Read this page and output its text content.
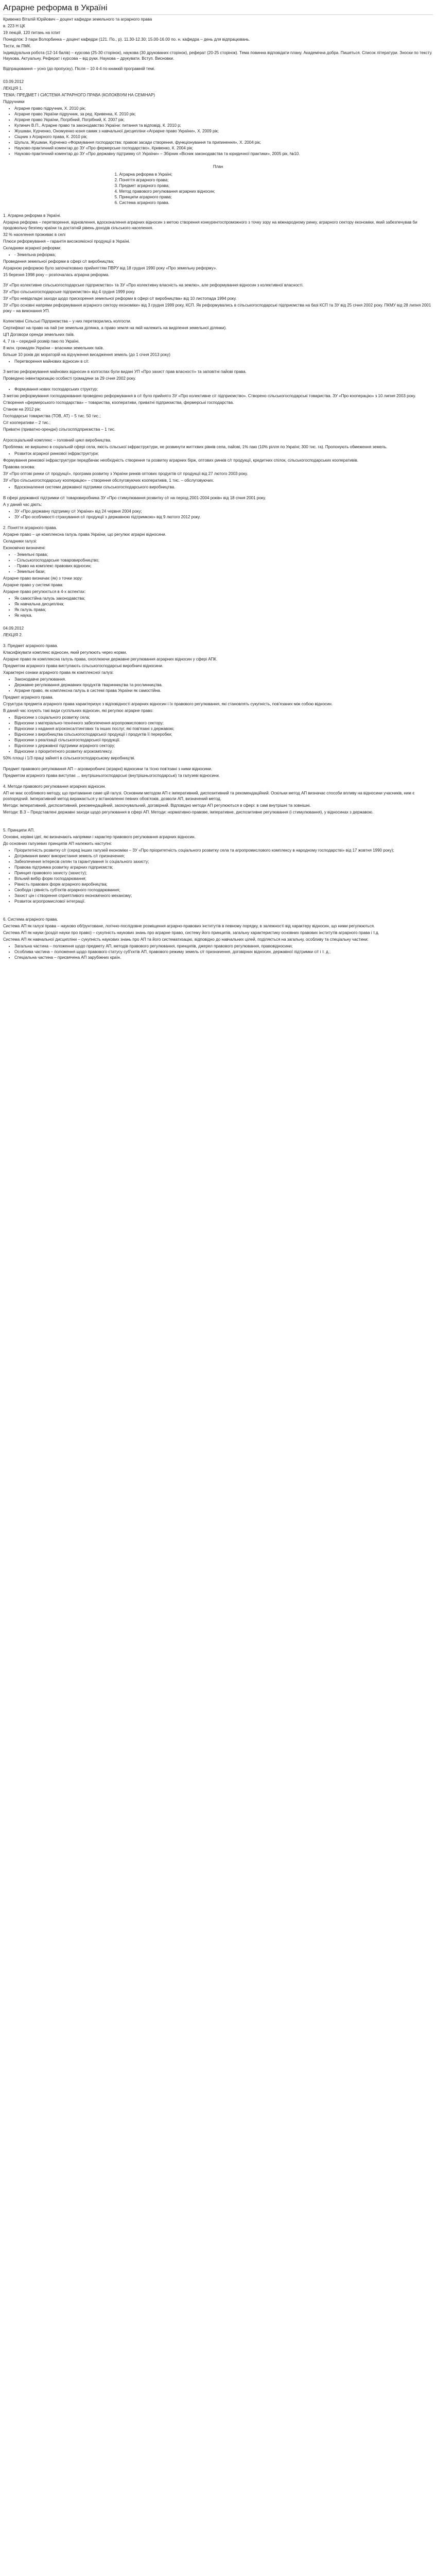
Аграрне реформа в Україні

Кривенко Віталій Юрійович – доцент кафедри земельного та аграрного права

в. 223 Н ЦК

19 лекцій, 120 питань на іспит

Понеділок: 3 пари Волорбинка – доцент кафедри (121. По., р). 11.30-12.30; 15.00-16.00 по. н. кафедра – день для відпрацювань.

Тести, як ПМК.

Індивідуальна робота (12-14 балів) – курсова (25-30 сторінок), наукова (30 друкованих сторінок), реферат (20-25 сторінок). Тема повинна відповідати плану. Академічна добра. Пишеться. Список літератури. Зноски по тексту. Наукова. Актуальну. Реферат і курсова – від руки. Наукова – друкувати. Вступ. Висновки.

Відпрацювання – усно (до пропуску). Після – 10 4-4 по книжкій програмній темі.

03.09.2012

ЛЕКЦІЯ 1.

ТЕМА: ПРЕДМЕТ І СИСТЕМА АГРАРНОГО ПРАВА (КОЛОКВІУМ НА СЕМІНАР)

Підручники

• Аграрне право підручник, Х. 2010 рік;
• Аграрне право України підручник, за ред. Кривенка, К. 2010 рік;
• Аграрне право України, Погрібний, Погрібний, К. 2007 рік;
• Кулинич В.П., Аграрне право та законодавство України: питання та відповіді, К. 2010 р;
• Жушман, Курченко, Ономуенко юзня самик з навчальної дисципліни «Аграрне право України», Х. 2009 рік;
• Сіщник з Аграрного права, К. 2010 рік;
• Шульга, Жушман, Курченко «Формування господарства: правові засади створення, функціонування та припинення», Х. 2004 рік;
• Науково-практичний коментар до ЗУ «Про фермерське господарство», Кривенко, К. 2004 рік;
• Науково-практичний коментар до ЗУ «Про державну підтримку с/г України» – Збірник «Вісник законодавства та юридичної практики», 2005 рік, №10.
План
1. Аграрна реформа в Україні;
2. Поняття аграрного права;
3. Предмет аграрного права;
4. Метод правового регулювання аграрних відносин;
5. Принципи аграрного права;
6. Система аграрного права.

1. Аграрна реформа в Україні.

Аграрна реформа – перетворення, відновлення, вдосконалення аграрних відносин з метою створення конкурентоспроможного з точку зору на міжнародному ринку, аграрного сектору економіки, який забезпечував би продовольчу безпеку країни та достатній рівень доходів сільського населення.

32 % населення проживає в селі

Плюси реформування – гарантія високоякісної продукції в Україні.

Складники аграрної реформи:

• - Земельна реформа;

Проведення земельної реформи в сфері с/г виробництва;

Аграрною реформою було започатковано прийняттям ПВРУ від 18 грудня 1990 року «Про земельну реформу».

15 березня 1998 року – розпочалась аграрна реформа.

ЗУ «Про колективне сільськогосподарське підприємство» та ЗУ «Про колективну власність на землю», але реформування відносин з колективної власності.

ЗУ «Про сільськогосподарське підприємство» від 4 грудня 1999 року.

ЗУ «Про невідкладні заходи щодо прискорення земельної реформи в сфері с/г виробництва» від 10 листопада 1994 року.

ЗУ «Про основні напрями реформування аграрного сектору економіки» від 3 грудня 1999 року, КСП. Як реформувались в сільськогосподарські підприємства на базі КСП та ЗУ від 25 січня 2002 року. ПКМУ від 28 липня 2001 року – на виконання УП.

Колективні Сільські Підприємства – у них перетворились колгоспи.

Сертифікат на право на пай (не земельна ділянка, а право земля на якій належить на виділення земельної ділянки).

ЦП Договори оренди земельних паїв.

4, 7 га – середній розмір паю по Україні.

8 млн. громадян України – власники земельних паїв.

Більше 10 років діє мораторій на відчуження висадження земель (до 1 січня 2013 року)

• Перетворення майнових відносин в с/г.

З метою реформування майнових відносин в колгоспах були видані УП «Про захист прав власності» та заповітні пайові права.

Проведено інвентаризацію особисті громадяни за 29 січня 2002 року.

• Формування нових господарських структур;

З метою реформування господарювання проведено реформування в с/г було прийнято ЗУ «Про колективне с/г підприємство». Створено сільськогосподарські товариства. ЗУ «Про кооперацію» з 10 липня 2003 року.

Створення «фермерського господарства» – товариства, кооперативи, приватні підприємства, фермерські господарства.

Станом на 2012 рік:

Господарські товариства (ТОВ, АТ) – 5 тис. 50 тис.;

С/г кооперативи – 2 тис.;

Приватні (приватно-орендні) сільгосппідприємства – 1 тис.

Агросоціальний комплекс – головний цикл виробництва.

Проблема: не вирішено в соціальній сфері села, якість сільської інфраструктури, не розвинути життєвих рівнів села, пайові, 1% паю (10% рілля по Україні; 300 тис. га). Пропонують обмеження земель.

• Розвиток аграрної ринкової інфраструктури;

Формування ринкової інфраструктури передбачає необхідність створення та розвитку аграрних бірж, оптових ринків с/г продукції, кредитних спілок, сільськогосподарських кооперативів.

Правова основа:

ЗУ «Про оптові ринки с/г продукції», програма розвитку з України ринків оптових продуктів с/г продукції від 27 лютого 2003 року.

ЗУ «Про сільськогосподарську кооперацію» – створення обслуговуючих кооперативів, 1 тис. – обслуговуючих.

• Вдосконалення системи державної підтримки сільськогосподарського виробництва.

В сфері державної підтримки с/г товаровиробника ЗУ «Про стимулювання розвитку с/г на період 2001-2004 років» від 18 січня 2001 року.

А у даний час діють:

• ЗУ «Про державну підтримку с/г України» від 24 червня 2004 року;
• ЗУ «Про особливості страхування с/г продукції з державною підтримкою» від 9 лютого 2012 року.

2. Поняття аграрного права.

Аграрне право – це комплексна галузь права України, що регулює аграрні відносини.

Складники галузі:

Економічно визначені:

• - Земельні права;
• - Сільськогосподарське товаровиробництво;
• - Право на комплекс правових відносин;
• - Земельні бази;

Аграрне право визначає (як) з точки зору:

Аграрне право у системі права:

Аграрне право регулюється в 4-х аспектах:

• Як самостійна галузь законодавства;
• Як навчальна дисципліна;
• Як галузь права;
• Як наука.

04.09.2012

ЛЕКЦІЯ 2.

3. Предмет аграрного права.

Класифікувати комплекс відносин, який регулюють через норми.

Аграрне право як комплексна галузь права, охоплюючи державне регулювання аграрних відносин у сфері АПК.

Предметом аграрного права виступають сільськогосподарські виробничі відносини.

Характерні ознаки аграрного права як комплексної галузі:

• Законодавче регулювання.
• Державне регулювання державних продуктів тваринництва та рослинництва.
• Аграрне право, як комплексна галузь в системі права України як самостійна.

Предмет аграрного права.

Структура предмета аграрного права характеризує з відповідності аграрних відносин і їх правового регулювання, які становлять сукупність, пов'язаних між собою відносин.

В даний час існують такі види суспільних відносин, які регулює аграрне право:

• Відносини з соціального розвитку села;
• Відносини з матеріально-технічного забезпечення агропромислового сектору;
• Відносини з надання агроконсалтингових та інших послуг, які пов'язані з державою;
• Відносини з виробництва сільськогосподарської продукції і продуктів її переробки;
• Відносини з реалізації сільськогосподарської продукції.
• Відносини з державної підтримки аграрного сектору;
• Відносини з пріоритетного розвитку агрокомплексу.

50% площі і 1/3 праці зайняті в сільськогосподарському виробництві.

Предмет правового регулювання АП – агровиробничі (аграрні) відносини та тісно пов'язані з ними відносини.

Предметом аграрного права виступає ... внутрішньогосподарські (внутрішньогосподарські) та галузеві відносини.

4. Методи правового регулювання аграрних відносин.

АП не має особливого методу, що притаманне саме цій галузі. Основним методом АП є імперативний, диспозитивний та рекомендаційний. Оскільки метод АП визначає способи впливу на відносини учасників, ним є розпорядчий. Імперативний метод виражається у встановленні певних обов'язків, дозволи АП, визначений метод.

Методи: імперативний, диспозитивний, рекомендаційний, заохочувальний, договірний. Відповідно методи АП регулюються в сфері: в самі внутрішні та зовнішні.

Методи: В.3 – Представлені державні заходи щодо регулювання в сфері АП. Методи: нормативно-правове, імперативне, диспозитивне регулювання (і стимулювання), у відносинах з державою.

5. Принципи АП.

Основні, керівні ідеї, які визначають напрямки і характер правового регулювання аграрних відносин.

До основних галузевих принципів АП належить наступні:

• Пріоритетність розвитку с/г (серед інших галузей економіки – ЗУ «Про пріоритетність соціального розвитку села та агропромислового комплексу в народному господарстві» від 17 жовтня 1990 року);
• Дотримання вимог використання земель с/г призначення;
• Забезпечення інтересів селян та гарантування їх соціального захисту;
• Правова підтримка розвитку аграрних підприємств;
• Принцип правового захисту (захисту);
• Вільний вибір форм господарювання;
• Рівність правових форм аграрного виробництва;
• Свобода і рівність суб'єктів аграрного господарювання;
• Захист цін і створення сприятливого економічного механізму;
• Розвиток агропромислової інтеграції.

6. Система аграрного права.

Система АП як галузі права – науково обґрунтоване, логічно-послідовне розміщення аграрно-правових інститутів в певному порядку, в залежності від характеру відносин, що ними регулюються.

Система АП як науки (розділ науки про право) – сукупність наукових знань про аграрне право, систему його принципів, загальну характеристику основних правових інститутів аграрного права і т.д.

Система АП як навчальної дисципліни – сукупність наукових знань про АП та його систематизацію, відповідно до навчальних цілей, поділяється на загальну, особливу та спеціальну частини:

• Загальна частина – положення щодо предмету АП, методів правового регулювання, принципів, джерел правового регулювання, правовідносини;
• Особлива частина – положення щодо правового статусу суб'єктів АП, правового режиму земель с/г призначення, договірних відносин, державної підтримки с/г і т. д.;
• Спеціальна частина – присвячена АП зарубіжних країн.
